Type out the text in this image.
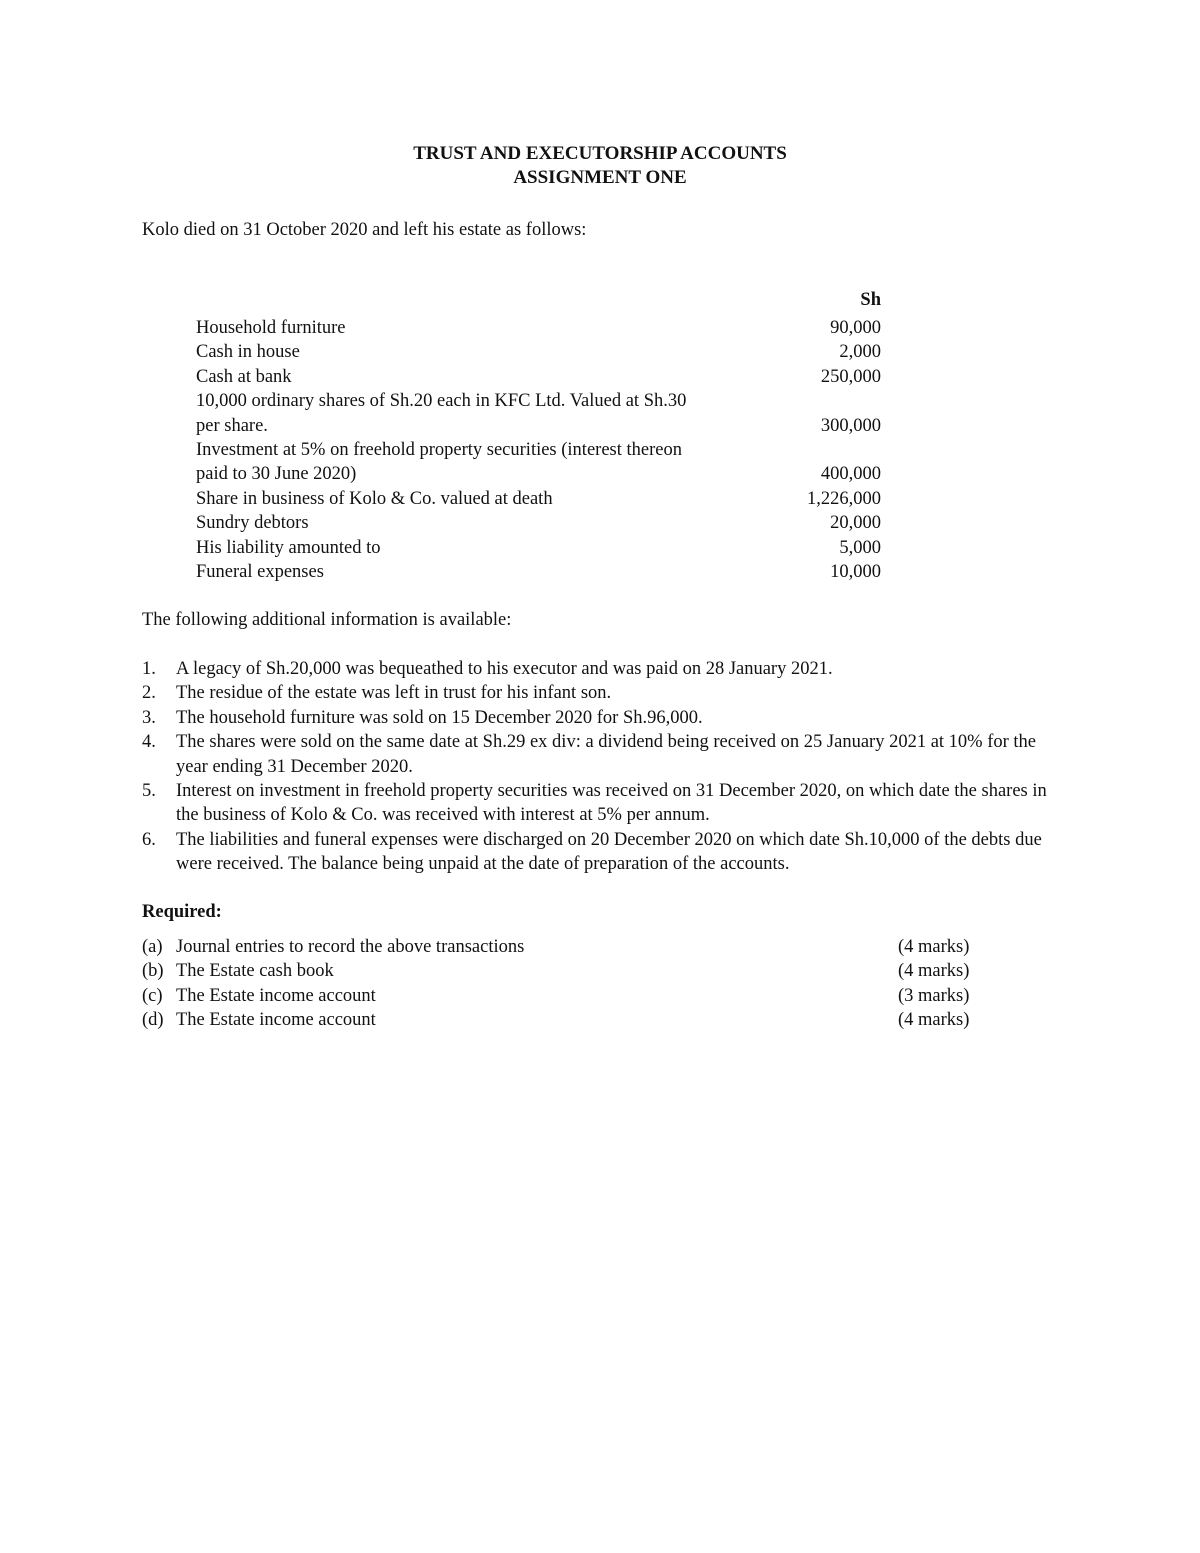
TRUST AND EXECUTORSHIP ACCOUNTS
ASSIGNMENT ONE
Kolo died on 31 October 2020 and left his estate as follows:
Sh
Household furniture	90,000
Cash in house	2,000
Cash at bank	250,000
10,000 ordinary shares of Sh.20 each in KFC Ltd. Valued at Sh.30 per share.	300,000
Investment at 5% on freehold property securities (interest thereon paid to 30 June 2020)	400,000
Share in business of Kolo & Co. valued at death	1,226,000
Sundry debtors	20,000
His liability amounted to	5,000
Funeral expenses	10,000
The following additional information is available:
1.	A legacy of Sh.20,000 was bequeathed to his executor and was paid on 28 January 2021.
2.	The residue of the estate was left in trust for his infant son.
3.	The household furniture was sold on 15 December 2020 for Sh.96,000.
4.	The shares were sold on the same date at Sh.29 ex div: a dividend being received on 25 January 2021 at 10% for the year ending 31 December 2020.
5.	Interest on investment in freehold property securities was received on 31 December 2020, on which date the shares in the business of Kolo & Co. was received with interest at 5% per annum.
6.	The liabilities and funeral expenses were discharged on 20 December 2020 on which date Sh.10,000 of the debts due were received. The balance being unpaid at the date of preparation of the accounts.
Required:
(a) Journal entries to record the above transactions	(4 marks)
(b) The Estate cash book	(4 marks)
(c) The Estate income account	(3 marks)
(d) The Estate income account	(4 marks)
